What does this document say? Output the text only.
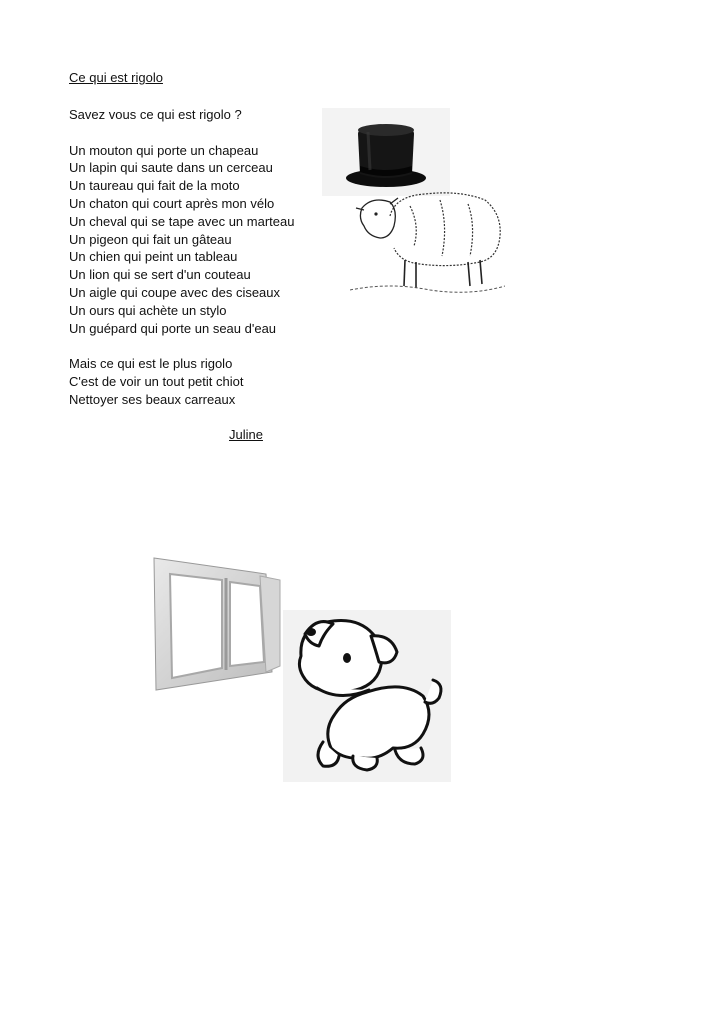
Ce qui est rigolo
Savez vous ce qui est rigolo ?
Un mouton qui porte un chapeau
Un lapin qui saute dans un cerceau
Un taureau qui fait de la moto
Un chaton qui court après mon vélo
Un cheval qui se tape avec un marteau
Un pigeon qui fait un gâteau
Un chien qui peint un tableau
Un lion qui se sert d'un couteau
Un aigle qui coupe avec des ciseaux
Un ours qui achète un stylo
Un guépard qui porte un seau d'eau
Mais ce qui est le plus rigolo
C'est de voir un tout petit chiot
Nettoyer ses beaux carreaux
Juline
